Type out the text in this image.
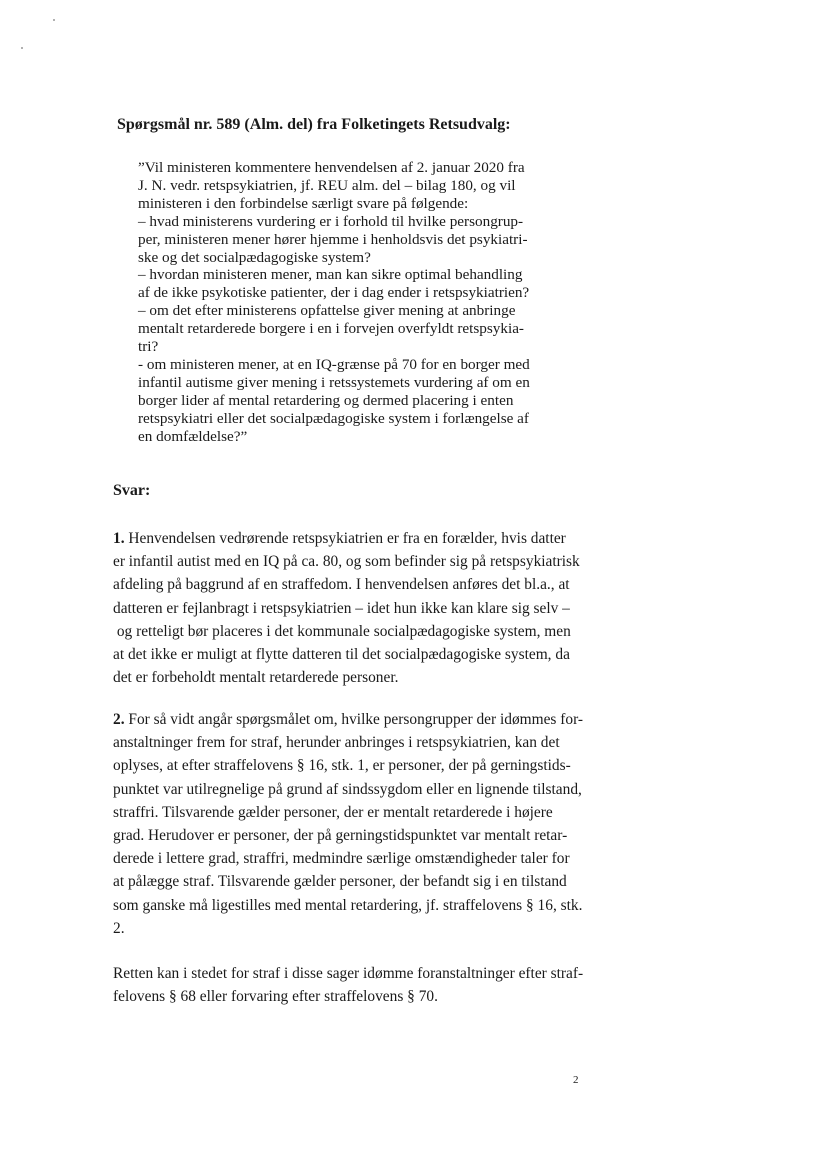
Spørgsmål nr. 589 (Alm. del) fra Folketingets Retsudvalg:
”Vil ministeren kommentere henvendelsen af 2. januar 2020 fra
J. N. vedr. retspsykiatrien, jf. REU alm. del – bilag 180, og vil
ministeren i den forbindelse særligt svare på følgende:
– hvad ministerens vurdering er i forhold til hvilke persongrup-
per, ministeren mener hører hjemme i henholdsvis det psykiatri-
ske og det socialpædagogiske system?
– hvordan ministeren mener, man kan sikre optimal behandling
af de ikke psykotiske patienter, der i dag ender i retspsykiatrien?
– om det efter ministerens opfattelse giver mening at anbringe
mentalt retarderede borgere i en i forvejen overfyldt retspsykia-
tri?
- om ministeren mener, at en IQ-grænse på 70 for en borger med
infantil autisme giver mening i retssystemets vurdering af om en
borger lider af mental retardering og dermed placering i enten
retspsykiatri eller det socialpædagogiske system i forlængelse af
en domfældelse?”
Svar:
1. Henvendelsen vedrørende retspsykiatrien er fra en forælder, hvis datter
er infantil autist med en IQ på ca. 80, og som befinder sig på retspsykiatrisk
afdeling på baggrund af en straffedom. I henvendelsen anføres det bl.a., at
datteren er fejlanbragt i retspsykiatrien – idet hun ikke kan klare sig selv –
og retteligt bør placeres i det kommunale socialpædagogiske system, men
at det ikke er muligt at flytte datteren til det socialpædagogiske system, da
det er forbeholdt mentalt retarderede personer.
2. For så vidt angår spørgsmålet om, hvilke persongrupper der idømmes for-
anstaltninger frem for straf, herunder anbringes i retspsykiatrien, kan det
oplyses, at efter straffelovens § 16, stk. 1, er personer, der på gerningstids-
punktet var utilregnelige på grund af sindssygdom eller en lignende tilstand,
straffri. Tilsvarende gælder personer, der er mentalt retarderede i højere
grad. Herudover er personer, der på gerningstidspunktet var mentalt retar-
derede i lettere grad, straffri, medmindre særlige omstændigheder taler for
at pålægge straf. Tilsvarende gælder personer, der befandt sig i en tilstand
som ganske må ligestilles med mental retardering, jf. straffelovens § 16, stk.
2.
Retten kan i stedet for straf i disse sager idømme foranstaltninger efter straf-
felovens § 68 eller forvaring efter straffelovens § 70.
2
